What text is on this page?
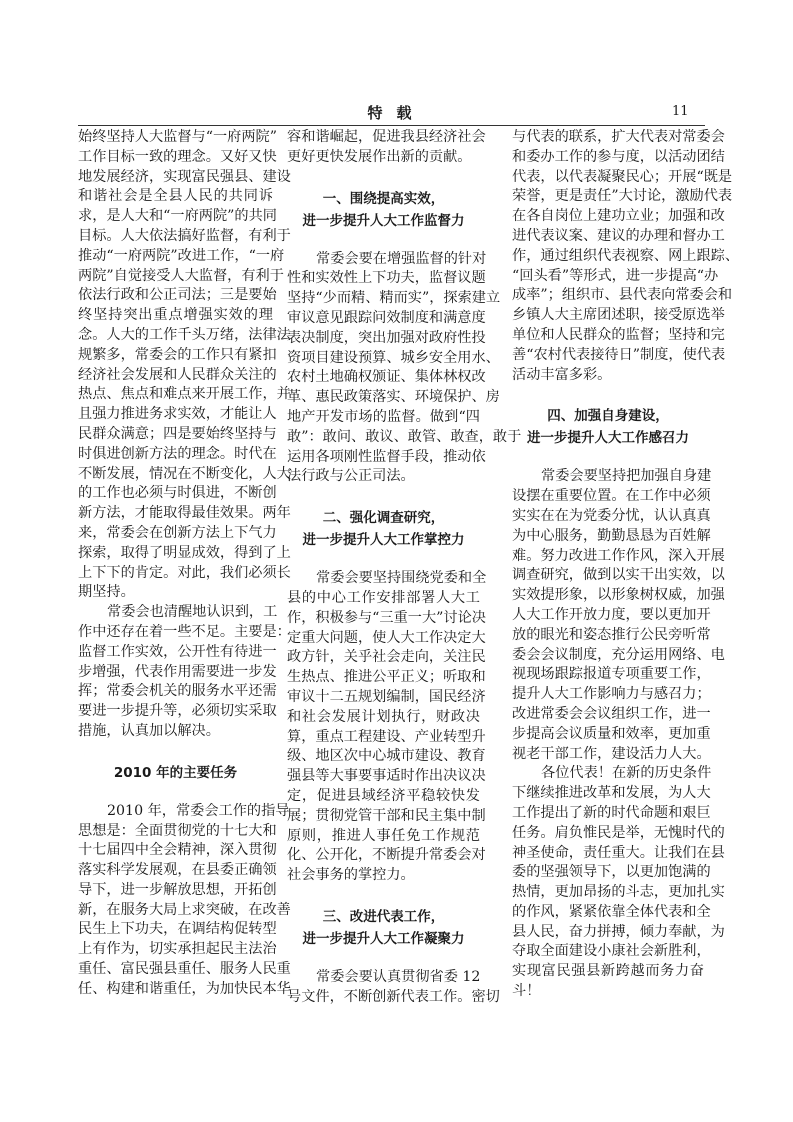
特载	11
始终坚持人大监督与“一府两院”
工作目标一致的理念。又好又快
地发展经济，实现富民强县、建设
和谐社会是全县人民的共同诉
求，是人大和“一府两院”的共同
目标。人大依法搞好监督，有利于
推动“一府两院”改进工作，“一府
两院”自觉接受人大监督，有利于
依法行政和公正司法；三是要始
终坚持突出重点增强实效的理
念。人大的工作千头万绪，法律法
规繁多，常委会的工作只有紧扣
经济社会发展和人民群众关注的
热点、焦点和难点来开展工作，并
且强力推进务求实效，才能让人
民群众满意；四是要始终坚持与
时俱进创新方法的理念。时代在
不断发展，情况在不断变化，人大
的工作也必须与时俱进，不断创
新方法，才能取得最佳效果。两年
来，常委会在创新方法上下气力
探索，取得了明显成效，得到了上
上下下的肯定。对此，我们必须长
期坚持。
常委会也清醒地认识到，工
作中还存在着一些不足。主要是：
监督工作实效，公开性有待进一
步增强，代表作用需要进一步发
挥；常委会机关的服务水平还需
要进一步提升等，必须切实采取
措施，认真加以解决。
2010 年的主要任务
2010 年，常委会工作的指导
思想是：全面贯彻党的十七大和
十七届四中全会精神，深入贯彻
落实科学发展观，在县委正确领
导下，进一步解放思想，开拓创
新，在服务大局上求突破，在改善
民生上下功夫，在调结构促转型
上有作为，切实承担起民主法治
重任、富民强县重任、服务人民重
任、构建和谐重任，为加快民本华
容和谐崛起，促进我县经济社会
更好更快发展作出新的贡献。
一、围绕提高实效，
进一步提升人大工作监督力
常委会要在增强监督的针对
性和实效性上下功夫，监督议题
坚持“少而精、精而实”，探索建立
审议意见跟踪问效制度和满意度
表决制度，突出加强对政府性投
资项目建设预算、城乡安全用水、
农村土地确权颁证、集体林权改
革、惠民政策落实、环境保护、房
地产开发市场的监督。做到“四
敢”：敢问、敢议、敢管、敢查，敢于
运用各项刚性监督手段，推动依
法行政与公正司法。
二、强化调查研究，
进一步提升人大工作掌控力
常委会要坚持围绕党委和全
县的中心工作安排部署人大工
作，积极参与“三重一大”讨论决
定重大问题，使人大工作决定大
政方针，关乎社会走向，关注民
生热点、推进公平正义；听取和
审议十二五规划编制，国民经济
和社会发展计划执行，财政决
算，重点工程建设、产业转型升
级、地区次中心城市建设、教育
强县等大事要事适时作出决议决
定，促进县域经济平稳较快发
展；贯彻党管干部和民主集中制
原则，推进人事任免工作规范
化、公开化，不断提升常委会对
社会事务的掌控力。
三、改进代表工作，
进一步提升人大工作凝聚力
常委会要认真贯彻省委 12
号文件，不断创新代表工作。密切
与代表的联系，扩大代表对常委会
和委办工作的参与度，以活动团结
代表，以代表凝聚民心；开展“既是
荣誉，更是责任”大讨论，激励代表
在各自岗位上建功立业；加强和改
进代表议案、建议的办理和督办工
作，通过组织代表视察、网上跟踪、
“回头看”等形式，进一步提高“办
成率”；组织市、县代表向常委会和
乡镇人大主席团述职，接受原选举
单位和人民群众的监督；坚持和完
善“农村代表接待日”制度，使代表
活动丰富多彩。
四、加强自身建设，
进一步提升人大工作感召力
常委会要坚持把加强自身建
设摆在重要位置。在工作中必须
实实在在为党委分忧，认认真真
为中心服务，勤勤恳恳为百姓解
难。努力改进工作作风，深入开展
调查研究，做到以实干出实效，以
实效提形象，以形象树权威，加强
人大工作开放力度，要以更加开
放的眼光和姿态推行公民旁听常
委会会议制度，充分运用网络、电
视现场跟踪报道专项重要工作，
提升人大工作影响力与感召力；
改进常委会会议组织工作，进一
步提高会议质量和效率，更加重
视老干部工作，建设活力人大。
各位代表！在新的历史条件
下继续推进改革和发展，为人大
工作提出了新的时代命题和艰巨
任务。肩负惟民是举，无愧时代的
神圣使命，责任重大。让我们在县
委的坚强领导下，以更加饱满的
热情，更加昂扬的斗志，更加扎实
的作风，紧紧依靠全体代表和全
县人民，奋力拼搏，倾力奉献，为
夺取全面建设小康社会新胜利，
实现富民强县新跨越而务力奋
斗！
